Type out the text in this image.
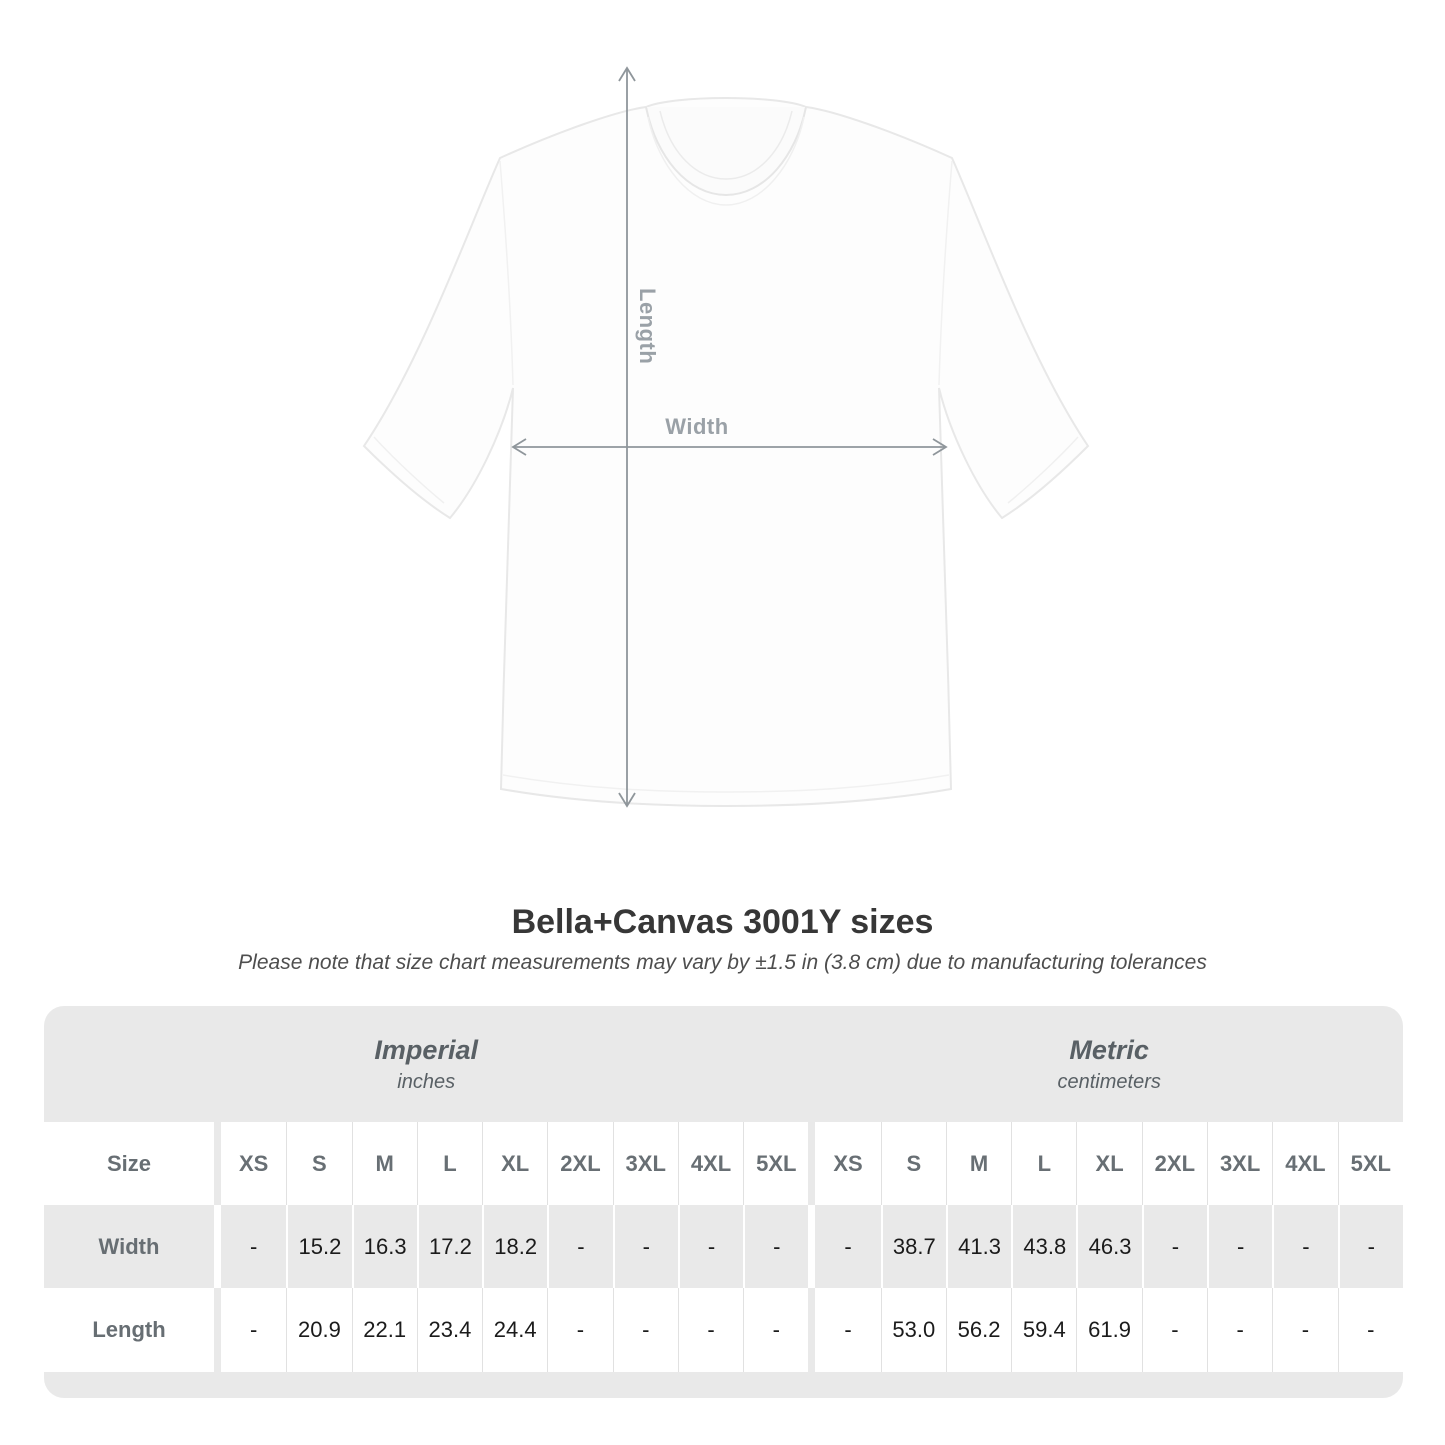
Length
Width
Bella+Canvas 3001Y sizes
Please note that size chart measurements may vary by ±1.5 in (3.8 cm) due to manufacturing tolerances
Imperial
inches

Metric
centimeters

Size		XS	S	M	L	XL	2XL	3XL	4XL	5XL		XS	S	M	L	XL	2XL	3XL	4XL	5XL
Width		-	15.2	16.3	17.2	18.2	-	-	-	-		-	38.7	41.3	43.8	46.3	-	-	-	-
Length		-	20.9	22.1	23.4	24.4	-	-	-	-		-	53.0	56.2	59.4	61.9	-	-	-	-
